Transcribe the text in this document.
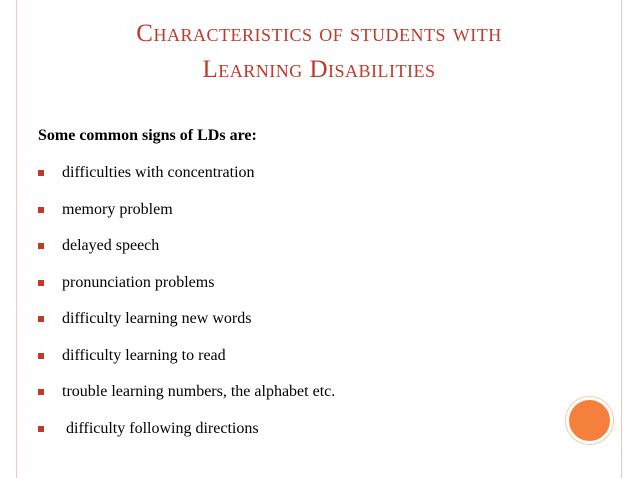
Characteristics of students with
Learning Disabilities
Some common signs of LDs are:
difficulties with concentration
memory problem
delayed speech
pronunciation problems
difficulty learning new words
difficulty learning to read
trouble learning numbers, the alphabet etc.
difficulty following directions
